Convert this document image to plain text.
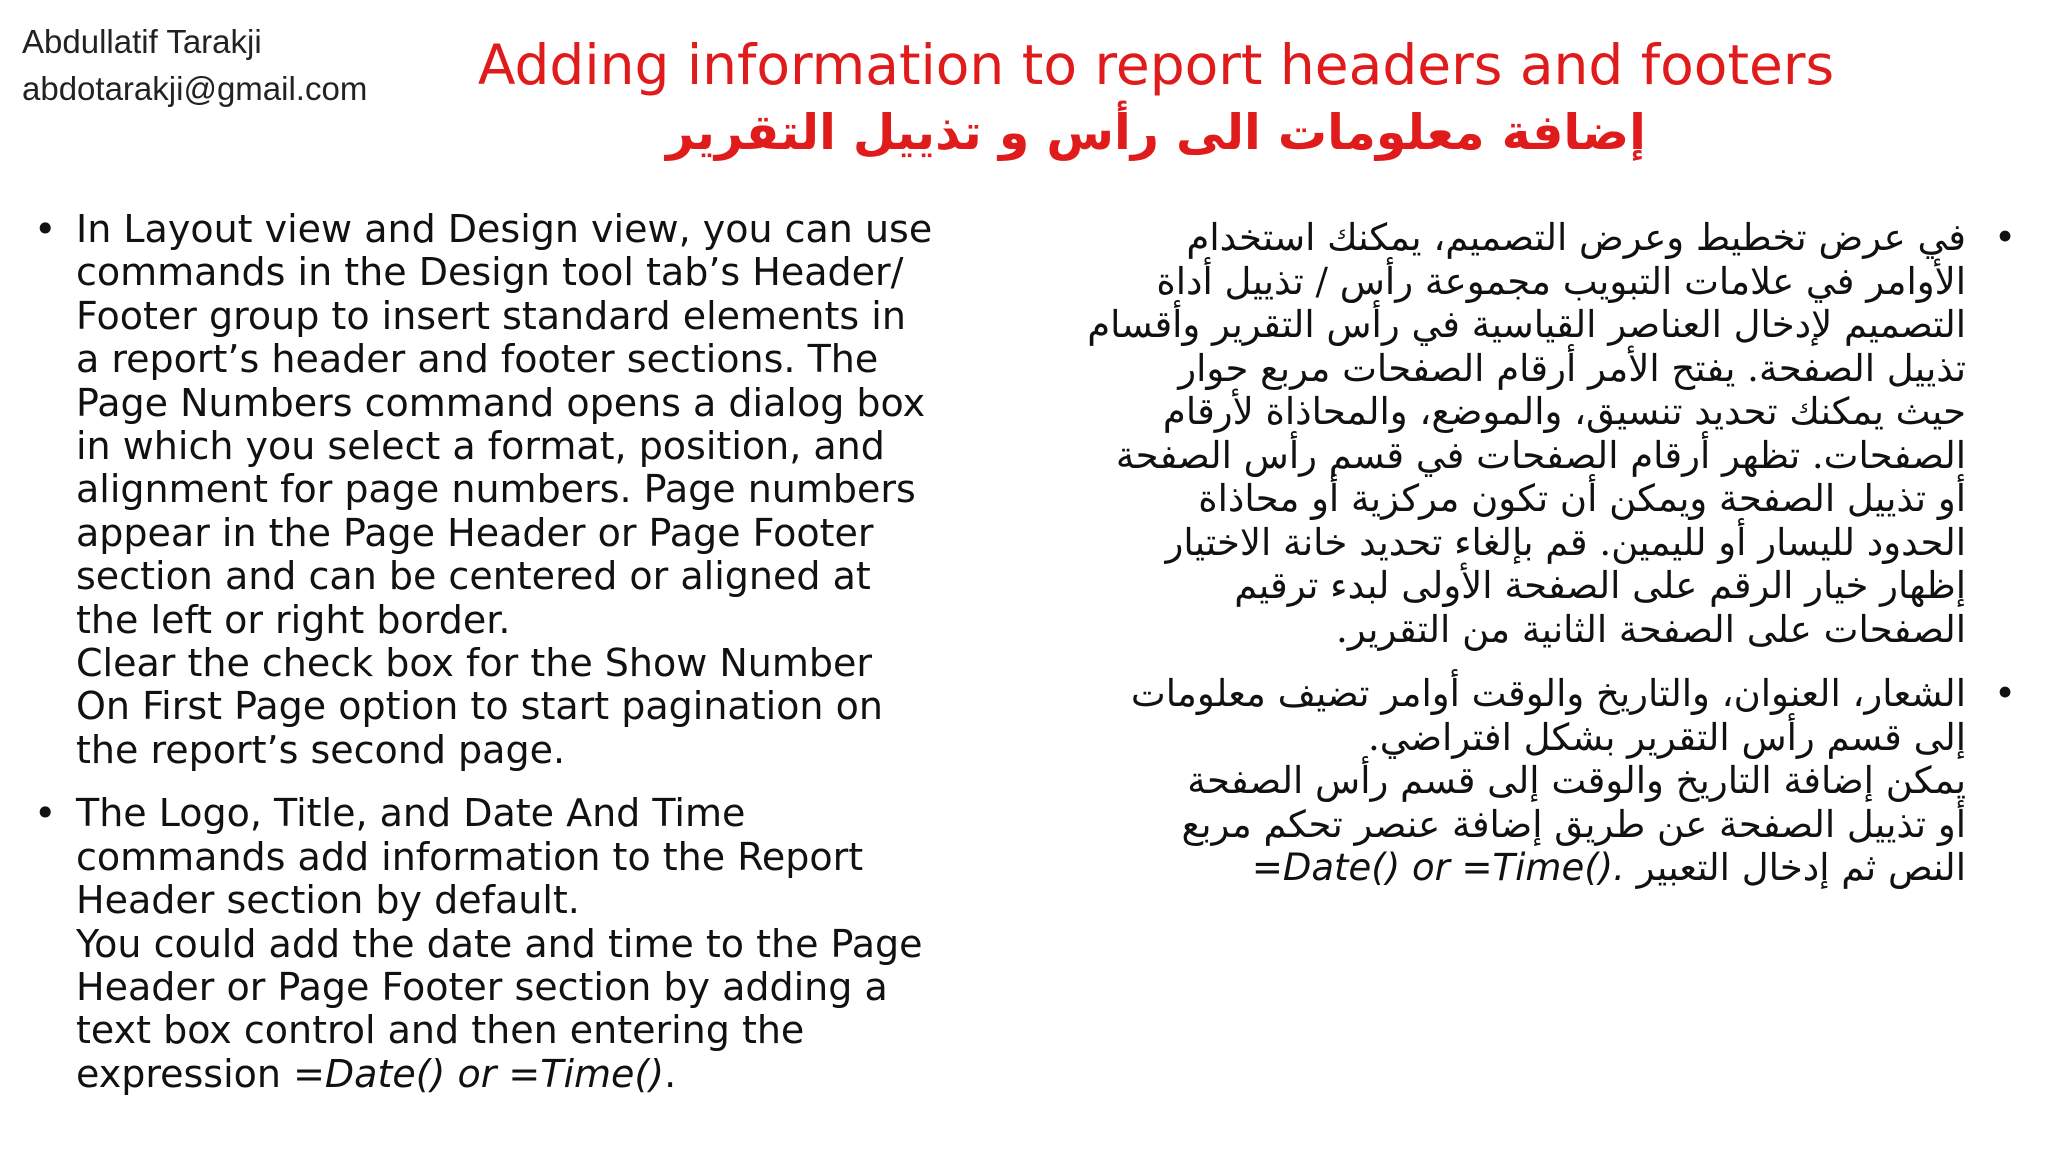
Abdullatif Tarakji
abdotarakji@gmail.com	Adding information to report headers and footers
إضافة معلومات الى رأس و تذييل التقرير
• In Layout view and Design view, you can use
commands in the Design tool tab’s Header/
Footer group to insert standard elements in
a report’s header and footer sections. The
Page Numbers command opens a dialog box
in which you select a format, position, and
alignment for page numbers. Page numbers
appear in the Page Header or Page Footer
section and can be centered or aligned at
the left or right border.
Clear the check box for the Show Number
On First Page option to start pagination on
the report’s second page.
• The Logo, Title, and Date And Time
commands add information to the Report
Header section by default.
You could add the date and time to the Page
Header or Page Footer section by adding a
text box control and then entering the
expression =Date() or =Time().
•
في عرض تخطيط وعرض التصميم، يمكنك استخدام
الأوامر في علامات التبويب مجموعة رأس / تذييل أداة
التصميم لإدخال العناصر القياسية في رأس التقرير وأقسام
تذييل الصفحة. يفتح الأمر أرقام الصفحات مربع حوار
حيث يمكنك تحديد تنسيق، والموضع، والمحاذاة لأرقام
الصفحات. تظهر أرقام الصفحات في قسم رأس الصفحة
أو تذييل الصفحة ويمكن أن تكون مركزية أو محاذاة
الحدود لليسار أو لليمين. قم بإلغاء تحديد خانة الاختيار
إظهار خيار الرقم على الصفحة الأولى لبدء ترقيم
الصفحات على الصفحة الثانية من التقرير.
•
الشعار، العنوان، والتاريخ والوقت أوامر تضيف معلومات
إلى قسم رأس التقرير بشكل افتراضي.
يمكن إضافة التاريخ والوقت إلى قسم رأس الصفحة
أو تذييل الصفحة عن طريق إضافة عنصر تحكم مربع
النص ثم إدخال التعبير =Date() or =Time().
